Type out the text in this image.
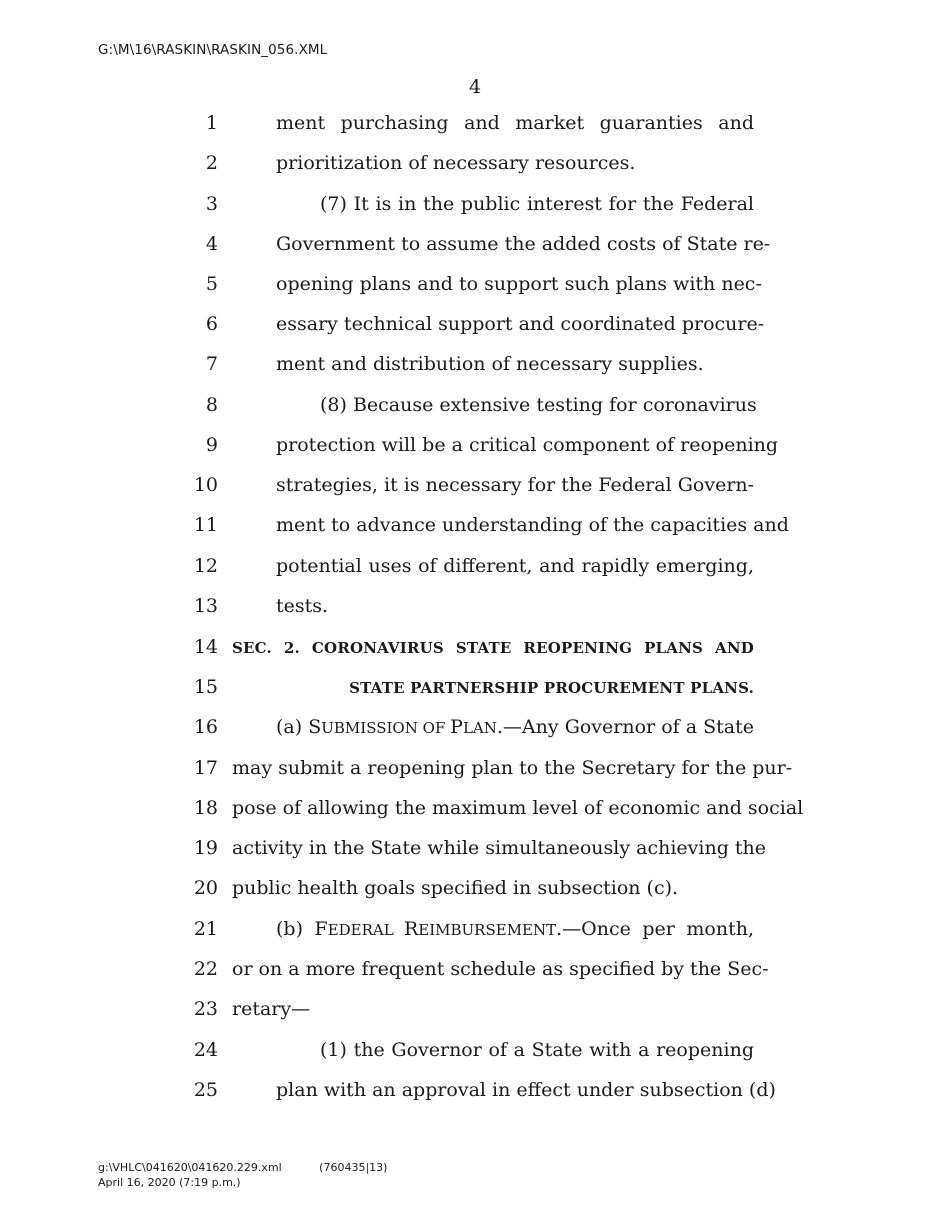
G:\M\16\RASKIN\RASKIN_056.XML
4
1	ment purchasing and market guaranties and
2	prioritization of necessary resources.
3	(7) It is in the public interest for the Federal
4	Government to assume the added costs of State re-
5	opening plans and to support such plans with nec-
6	essary technical support and coordinated procure-
7	ment and distribution of necessary supplies.
8	(8) Because extensive testing for coronavirus
9	protection will be a critical component of reopening
10	strategies, it is necessary for the Federal Govern-
11	ment to advance understanding of the capacities and
12	potential uses of different, and rapidly emerging,
13	tests.
14 SEC. 2. CORONAVIRUS STATE REOPENING PLANS AND
15	STATE PARTNERSHIP PROCUREMENT PLANS.
16	(a) SUBMISSION OF PLAN.—Any Governor of a State
17 may submit a reopening plan to the Secretary for the pur-
18 pose of allowing the maximum level of economic and social
19 activity in the State while simultaneously achieving the
20 public health goals specified in subsection (c).
21	(b) FEDERAL REIMBURSEMENT.—Once per month,
22 or on a more frequent schedule as specified by the Sec-
23 retary—
24	(1) the Governor of a State with a reopening
25	plan with an approval in effect under subsection (d)
g:\VHLC\041620\041620.229.xml	(760435|13)
April 16, 2020 (7:19 p.m.)
